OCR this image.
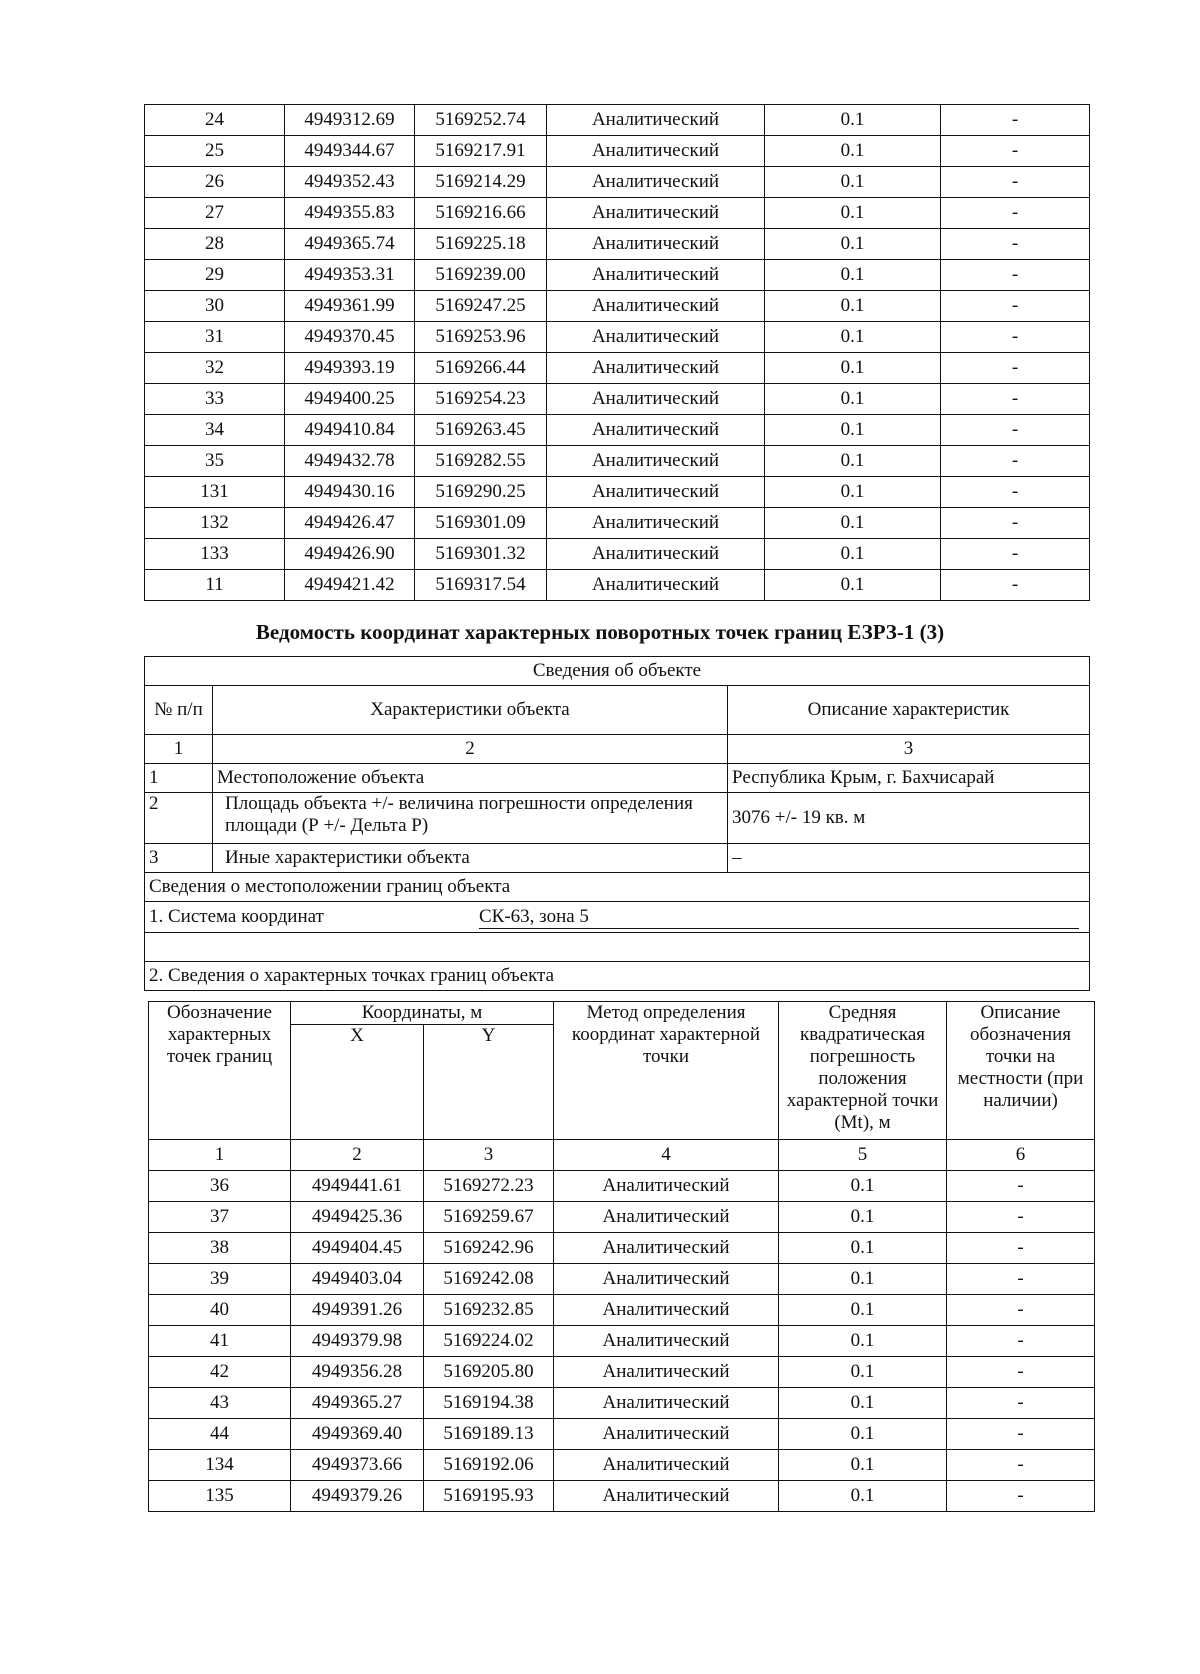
24	4949312.69	5169252.74	Аналитический	0.1	-
25	4949344.67	5169217.91	Аналитический	0.1	-
26	4949352.43	5169214.29	Аналитический	0.1	-
27	4949355.83	5169216.66	Аналитический	0.1	-
28	4949365.74	5169225.18	Аналитический	0.1	-
29	4949353.31	5169239.00	Аналитический	0.1	-
30	4949361.99	5169247.25	Аналитический	0.1	-
31	4949370.45	5169253.96	Аналитический	0.1	-
32	4949393.19	5169266.44	Аналитический	0.1	-
33	4949400.25	5169254.23	Аналитический	0.1	-
34	4949410.84	5169263.45	Аналитический	0.1	-
35	4949432.78	5169282.55	Аналитический	0.1	-
131	4949430.16	5169290.25	Аналитический	0.1	-
132	4949426.47	5169301.09	Аналитический	0.1	-
133	4949426.90	5169301.32	Аналитический	0.1	-
11	4949421.42	5169317.54	Аналитический	0.1	-
Ведомость координат характерных поворотных точек границ ЕЗРЗ-1 (3)
Сведения об объекте		
№ п/п	Характеристики объекта	Описание характеристик
1	2	3
1	Местоположение объекта	Республика Крым, г. Бахчисарай
2	Площадь объекта +/- величина погрешности определения площади (Р +/- Дельта Р)	3076 +/- 19 кв. м
3	Иные характеристики объекта	–
Сведения о местоположении границ объекта		
1. Система координат СК-63, зона 5		

2. Сведения о характерных точках границ объекта		
Обозначение характерных точек границ	Координаты, м		Метод определения координат характерной точки	Средняя квадратическая погрешность положения характерной точки (Mt), м	Описание обозначения точки на местности (при наличии)
	X	Y			
1	2	3	4	5	6
36	4949441.61	5169272.23	Аналитический	0.1	-
37	4949425.36	5169259.67	Аналитический	0.1	-
38	4949404.45	5169242.96	Аналитический	0.1	-
39	4949403.04	5169242.08	Аналитический	0.1	-
40	4949391.26	5169232.85	Аналитический	0.1	-
41	4949379.98	5169224.02	Аналитический	0.1	-
42	4949356.28	5169205.80	Аналитический	0.1	-
43	4949365.27	5169194.38	Аналитический	0.1	-
44	4949369.40	5169189.13	Аналитический	0.1	-
134	4949373.66	5169192.06	Аналитический	0.1	-
135	4949379.26	5169195.93	Аналитический	0.1	-
